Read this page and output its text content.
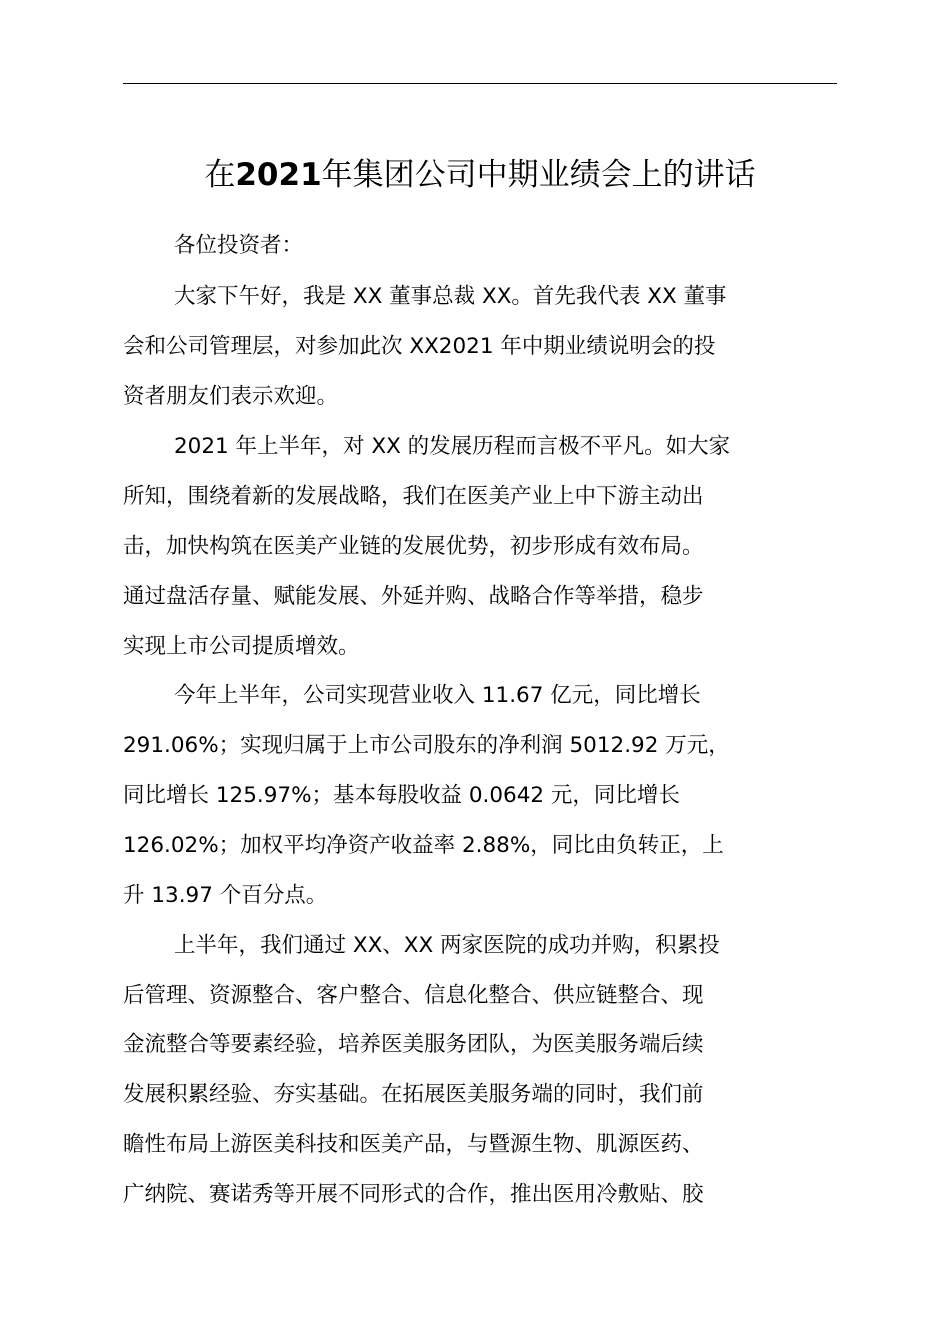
在2021年集团公司中期业绩会上的讲话

各位投资者：

大家下午好，我是 XX 董事总裁 XX。首先我代表 XX 董事

会和公司管理层，对参加此次 XX2021 年中期业绩说明会的投

资者朋友们表示欢迎。

2021 年上半年，对 XX 的发展历程而言极不平凡。如大家

所知，围绕着新的发展战略，我们在医美产业上中下游主动出

击，加快构筑在医美产业链的发展优势，初步形成有效布局。

通过盘活存量、赋能发展、外延并购、战略合作等举措，稳步

实现上市公司提质增效。

今年上半年，公司实现营业收入 11.67 亿元，同比增长

291.06%；实现归属于上市公司股东的净利润 5012.92 万元，

同比增长 125.97%；基本每股收益 0.0642 元，同比增长

126.02%；加权平均净资产收益率 2.88%，同比由负转正，上

升 13.97 个百分点。

上半年，我们通过 XX、XX 两家医院的成功并购，积累投

后管理、资源整合、客户整合、信息化整合、供应链整合、现

金流整合等要素经验，培养医美服务团队，为医美服务端后续

发展积累经验、夯实基础。在拓展医美服务端的同时，我们前

瞻性布局上游医美科技和医美产品，与暨源生物、肌源医药、

广纳院、赛诺秀等开展不同形式的合作，推出医用冷敷贴、胶
